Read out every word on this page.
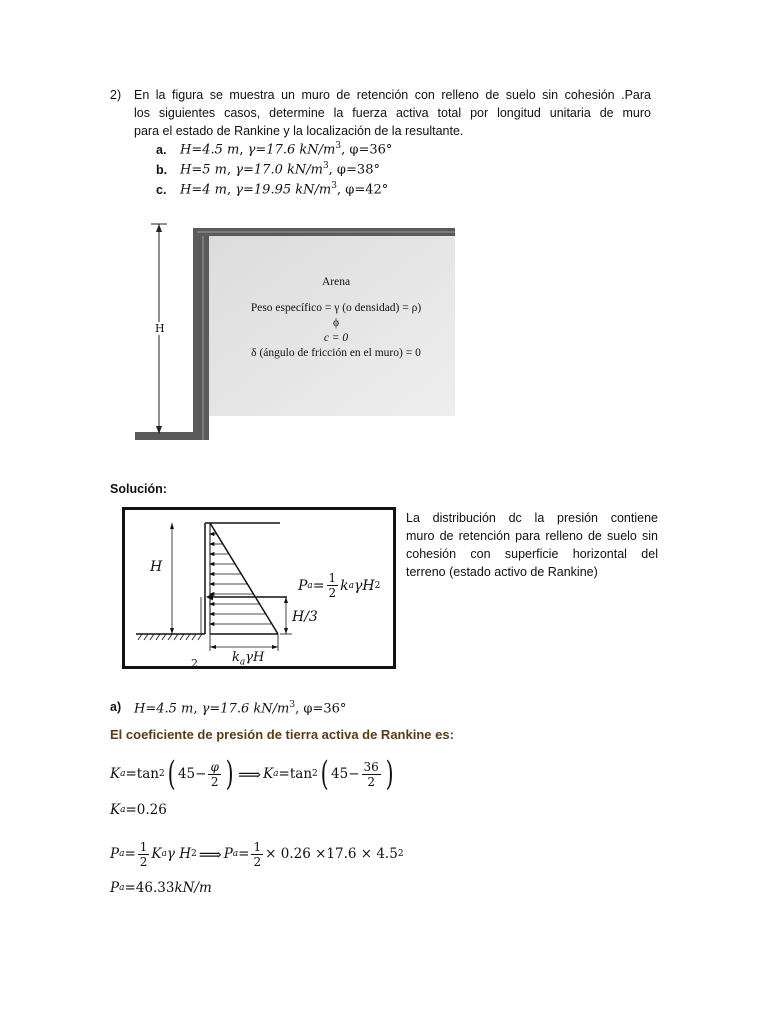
2) En la figura se muestra un muro de retención con relleno de suelo sin cohesión .Para
los siguientes casos, determine la fuerza activa total por longitud unitaria de muro
para el estado de Rankine y la localización de la resultante.
a. H=4.5 m, γ=17.6 $kN/m^3$, φ=36°
b. H=5 m, γ=17.0 $kN/m^3$, φ=38°
c. H=4 m, γ=19.95 $kN/m^3$, φ=42°
H
Arena
Peso específico = γ (o densidad) = ρ)
ϕ
c = 0
δ (ángulo de fricción en el muro) = 0
Solución:
H
P $a = \frac{1}{2}$ k a γH 2
H/3
$k_a\gamma H$
2
La distribución dc la presión contiene
muro de retención para relleno de suelo sin
cohesión con superficie horizontal del
terreno (estado activo de Rankine)
a) H=4.5 m, γ=17.6 $kN/m^3$, φ=36°
El coeficiente de presión de tierra activa de Rankine es:
K a =tan 2 ( $45- \frac{\varphi}{2}$ ) ⟹ K a =tan 2 ( $45- \frac{36}{2}$ )
K a =0.26
P $a = \frac{1}{2}$ K a γ H 2 ⟹ P $a = \frac{1}{2} \times 0.26 \times 17.6 \times 4.5$ 2
P a =46.33 kN/m
